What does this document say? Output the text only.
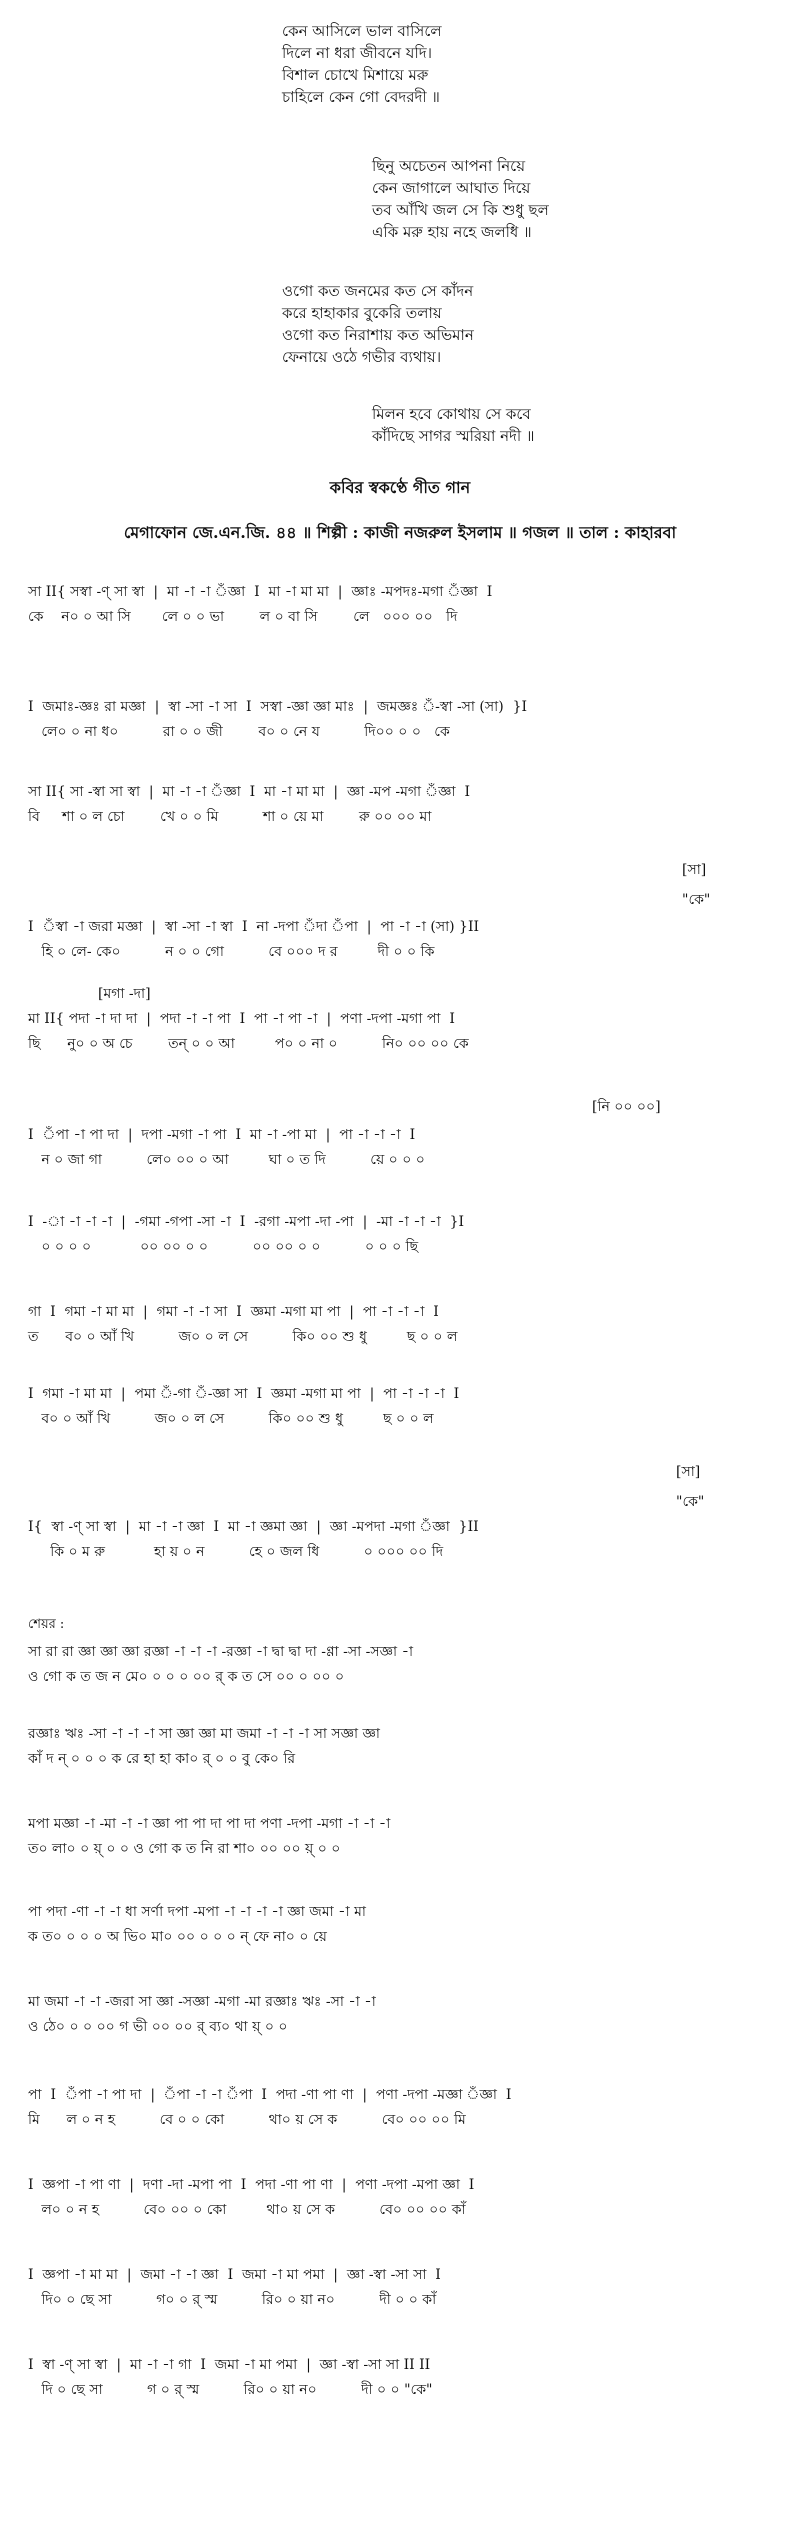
কেন আসিলে ভাল বাসিলে
দিলে না ধরা জীবনে যদি।
বিশাল চোখে মিশায়ে মরু
চাহিলে কেন গো বেদরদী ॥
ছিনু অচেতন আপনা নিয়ে
কেন জাগালে আঘাত দিয়ে
তব আঁখি জল সে কি শুধু ছল
একি মরু হায় নহে জলধি ॥
ওগো কত জনমের কত সে কাঁদন
করে হাহাকার বুকেরি তলায়
ওগো কত নিরাশায় কত অভিমান
ফেনায়ে ওঠে গভীর ব্যথায়।
মিলন হবে কোথায় সে কবে
কাঁদিছে সাগর স্মরিয়া নদী ॥
কবির স্বকণ্ঠে গীত গান
মেগাফোন জে.এন.জি. ৪৪ ॥ শিল্পী : কাজী নজরুল ইসলাম ॥ গজল ॥ তাল : কাহারবা
সা II{ সস্বা -ণ্ সা স্বা  |  মা -া -া ঁজ্ঞা  I  মা -া মা মা  |  জ্ঞাঃ -মপদঃ-মগা ঁজ্ঞা  I
কে    ন০ ০ আ সি       লে ০ ০ ভা        ল ০ বা সি        লে   ০০০ ০০   দি
I  জমাঃ-জ্ঞঃ রা মজ্ঞা  |  স্বা -সা -া সা  I  সস্বা -জ্ঞা জ্ঞা মাঃ  |  জমজ্ঞঃ ঁ-স্বা -সা (সা)  }I
লে০ ০ না ধ০          রা ০ ০ জী        ব০ ০ নে য          দি০০ ০ ০   কে
সা II{ সা -স্বা সা স্বা  |  মা -া -া ঁজ্ঞা  I  মা -া মা মা  |  জ্ঞা -মপ -মগা ঁজ্ঞা  I
বি     শা ০ ল চো        খে ০ ০ মি          শা ০ য়ে মা        রু ০০ ০০ মা
[সা]
"কে"
I  ঁস্বা -া জরা মজ্ঞা  |  স্বা -সা -া স্বা  I  না -দপা ঁদা ঁপা  |  পা -া -া (সা) }II
হি ০ লে- কে০          ন ০ ০ গো          বে ০০০ দ র         দী ০ ০ কি
[মগা -দা]
মা II{ পদা -া দা দা  |  পদা -া -া পা  I  পা -া পা -া  |  পণা -দপা -মগা পা  I
ছি      নু০ ০ অ চে        তন্ ০ ০ আ         প০ ০ না ০          নি০ ০০ ০০ কে
[নি ০০ ০০]
I  ঁপা -া পা দা  |  দপা -মগা -া পা  I  মা -া -পা মা  |  পা -া -া -া  I
ন ০ জা গা          লে০ ০০ ০ আ         ঘা ০ ত দি          য়ে ০ ০ ০
I  -া -া -া -া  |  -গমা -গপা -সা -া  I  -রগা -মপা -দা -পা  |  -মা -া -া -া  }I
০ ০ ০ ০           ০০ ০০ ০ ০          ০০ ০০ ০ ০          ০ ০ ০ ছি
গা  I  গমা -া মা মা  |  গমা -া -া সা  I  জ্ঞমা -মগা মা পা  |  পা -া -া -া  I
ত      ব০ ০ আঁ খি          জ০ ০ ল সে          কি০ ০০ শু ধু         ছ ০ ০ ল
I  গমা -া মা মা  |  পমা ঁ-গা ঁ-জ্ঞা সা  I  জ্ঞমা -মগা মা পা  |  পা -া -া -া  I
ব০ ০ আঁ খি          জ০ ০ ল সে          কি০ ০০ শু ধু         ছ ০ ০ ল
[সা]
"কে"
I{  স্বা -ণ্ সা স্বা  |  মা -া -া জ্ঞা  I  মা -া জ্ঞমা জ্ঞা  |  জ্ঞা -মপদা -মগা ঁজ্ঞা  }II
কি ০ ম রু           হা য় ০ ন          হে ০ জল ধি          ০ ০০০ ০০ দি
শেয়র :
সা রা রা জ্ঞা জ্ঞা জ্ঞা রজ্ঞা -া -া -া -রজ্ঞা -া দ্বা দ্বা দা -ণ্ণা -সা -সজ্ঞা -া
ও গো ক ত জ ন মে০ ০ ০ ০ ০০ র্ ক ত সে ০০ ০ ০০ ০
রজ্ঞাঃ ঋঃ -সা -া -া -া সা জ্ঞা জ্ঞা মা জমা -া -া -া সা সজ্ঞা জ্ঞা
কাঁ দ ন্ ০ ০ ০ ক রে হা হা কা০ র্ ০ ০ বু কে০ রি
মপা মজ্ঞা -া -মা -া -া জ্ঞা পা পা দা পা দা পণা -দপা -মগা -া -া -া
ত০ লা০ ০ য়্ ০ ০ ও গো ক ত নি রা শা০ ০০ ০০ য়্ ০ ০
পা পদা -ণা -া -া ধা সর্ণা দপা -মপা -া -া -া -া জ্ঞা জমা -া মা
ক ত০ ০ ০ ০ অ ভি০ মা০ ০০ ০ ০ ০ ন্ ফে না০ ০ য়ে
মা জমা -া -া -জরা সা জ্ঞা -সজ্ঞা -মগা -মা রজ্ঞাঃ ঋঃ -সা -া -া
ও ঠে০ ০ ০ ০০ গ ভী ০০ ০০ র্ ব্য০ থা য়্ ০ ০
পা  I  ঁপা -া পা দা  |  ঁপা -া -া ঁপা  I  পদা -ণা পা ণা  |  পণা -দপা -মজ্ঞা ঁজ্ঞা  I
মি      ল ০ ন হ          বে ০ ০ কো          থা০ য় সে ক          বে০ ০০ ০০ মি
I  জ্ঞপা -া পা ণা  |  দণা -দা -মপা পা  I  পদা -ণা পা ণা  |  পণা -দপা -মপা জ্ঞা  I
ল০ ০ ন হ          বে০ ০০ ০ কো         থা০ য় সে ক          বে০ ০০ ০০ কাঁ
I  জ্ঞপা -া মা মা  |  জমা -া -া জ্ঞা  I  জমা -া মা পমা  |  জ্ঞা -স্বা -সা সা  I
দি০ ০ ছে সা          গ০ ০ র্ স্ম          রি০ ০ য়া ন০          দী ০ ০ কাঁ
I  স্বা -ণ্ সা স্বা  |  মা -া -া গা  I  জমা -া মা পমা  |  জ্ঞা -স্বা -সা সা II II
দি ০ ছে সা          গ ০ র্ স্ম          রি০ ০ য়া ন০          দী ০ ০ "কে"
